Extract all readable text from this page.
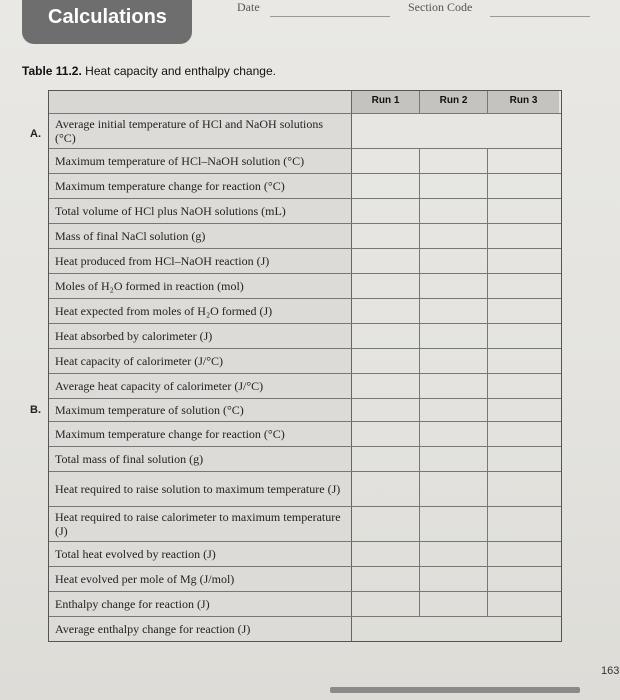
Calculations	Date	Section Code
Table 11.2. Heat capacity and enthalpy change.
A.
B.
Run 1	Run 2	Run 3
Average initial temperature of HCl and NaOH solutions (°C)
Maximum temperature of HCl–NaOH solution (°C)
Maximum temperature change for reaction (°C)
Total volume of HCl plus NaOH solutions (mL)
Mass of final NaCl solution (g)
Heat produced from HCl–NaOH reaction (J)
Moles of H₂O formed in reaction (mol)
Heat expected from moles of H₂O formed (J)
Heat absorbed by calorimeter (J)
Heat capacity of calorimeter (J/°C)
Average heat capacity of calorimeter (J/°C)
Maximum temperature of solution (°C)
Maximum temperature change for reaction (°C)
Total mass of final solution (g)
Heat required to raise solution to maximum temperature (J)
Heat required to raise calorimeter to maximum temperature (J)
Total heat evolved by reaction (J)
Heat evolved per mole of Mg (J/mol)
Enthalpy change for reaction (J)
Average enthalpy change for reaction (J)
163
